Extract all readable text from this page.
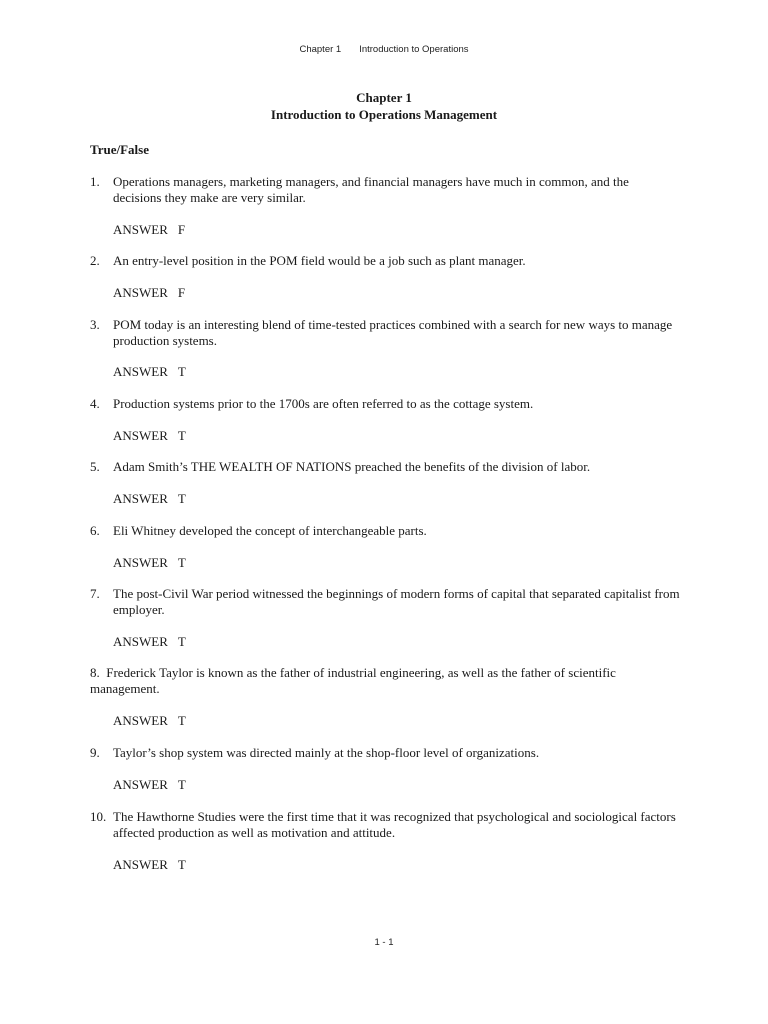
Chapter 1 Introduction to Operations
Chapter 1
Introduction to Operations Management
True/False
1.	Operations managers, marketing managers, and financial managers have much in common, and the decisions they make are very similar.
ANSWER F
2.	An entry-level position in the POM field would be a job such as plant manager.
ANSWER F
3.	POM today is an interesting blend of time-tested practices combined with a search for new ways to manage production systems.
ANSWER T
4.	Production systems prior to the 1700s are often referred to as the cottage system.
ANSWER T
5.	Adam Smith’s THE WEALTH OF NATIONS preached the benefits of the division of labor.
ANSWER T
6.	Eli Whitney developed the concept of interchangeable parts.
ANSWER T
7.	The post-Civil War period witnessed the beginnings of modern forms of capital that separated capitalist from employer.
ANSWER T
8. Frederick Taylor is known as the father of industrial engineering, as well as the father of scientific management.
ANSWER T
9.	Taylor’s shop system was directed mainly at the shop-floor level of organizations.
ANSWER T
10. The Hawthorne Studies were the first time that it was recognized that psychological and sociological factors affected production as well as motivation and attitude.
ANSWER T
1 - 1
